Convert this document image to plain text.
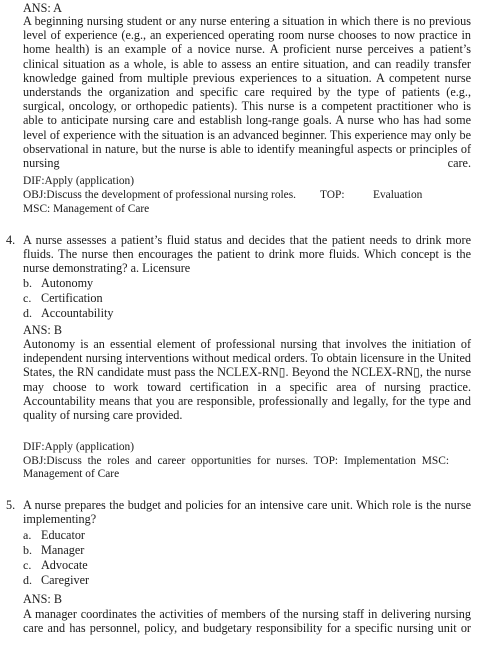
ANS: A

A beginning nursing student or any nurse entering a situation in which there is no previous level of experience (e.g., an experienced operating room nurse chooses to now practice in home health) is an example of a novice nurse. A proficient nurse perceives a patient’s clinical situation as a whole, is able to assess an entire situation, and can readily transfer knowledge gained from multiple previous experiences to a situation. A competent nurse understands the organization and specific care required by the type of patients (e.g., surgical, oncology, or orthopedic patients). This nurse is a competent practitioner who is able to anticipate nursing care and establish long-range goals. A nurse who has had some level of experience with the situation is an advanced beginner. This experience may only be observational in nature, but the nurse is able to identify meaningful aspects or principles of nursing care.

DIF:Apply (application)

OBJ:Discuss the development of professional nursing roles. TOP:	Evaluation

MSC: Management of Care

4. A nurse assesses a patient’s fluid status and decides that the patient needs to drink more fluids. The nurse then encourages the patient to drink more fluids. Which concept is the nurse demonstrating? a. Licensure

b. Autonomy
c. Certification
d. Accountability

ANS: B

Autonomy is an essential element of professional nursing that involves the initiation of independent nursing interventions without medical orders. To obtain licensure in the United States, the RN candidate must pass the NCLEX-RN▯. Beyond the NCLEX-RN▯, the nurse may choose to work toward certification in a specific area of nursing practice. Accountability means that you are responsible, professionally and legally, for the type and quality of nursing care provided.

DIF:Apply (application)

OBJ:Discuss the roles and career opportunities for nurses. TOP: Implementation MSC: Management of Care

5. A nurse prepares the budget and policies for an intensive care unit. Which role is the nurse implementing?

a. Educator
b. Manager
c. Advocate
d. Caregiver

ANS: B

A manager coordinates the activities of members of the nursing staff in delivering nursing care and has personnel, policy, and budgetary responsibility for a specific nursing unit or
